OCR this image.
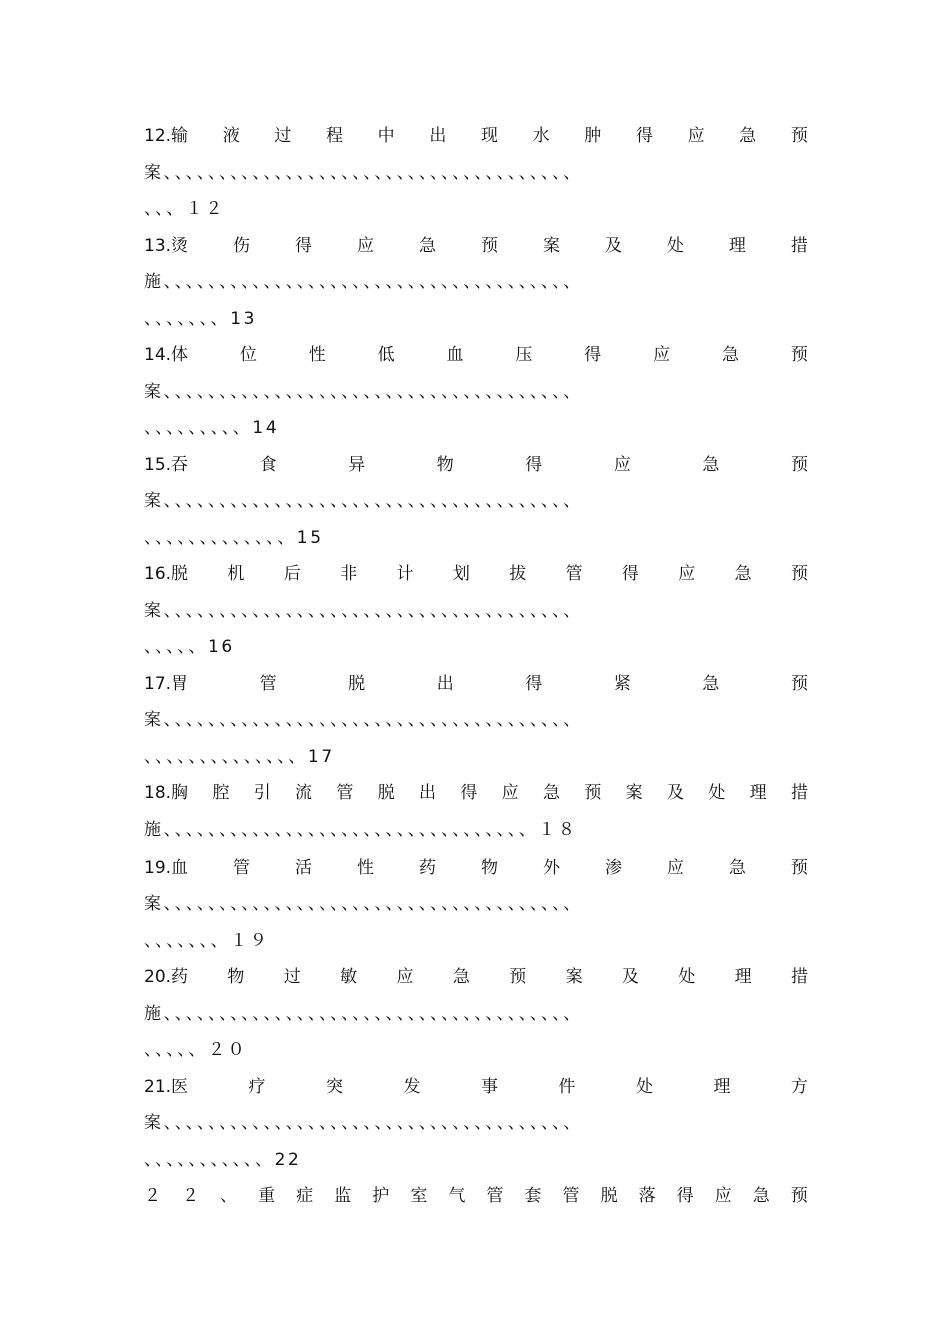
12.输 液 过 程 中 出 现 水 肿 得 应 急 预
案、、、、、、、、、、、、、、、、、、、、、、、、、、、、、、、、、、、、、
、、、１２
13.烫	伤	得	应	急	预	案	及	处	理	措
施、、、、、、、、、、、、、、、、、、、、、、、、、、、、、、、、、、、、、
、、、、、、、13
14.体	位	性	低	血	压	得	应	急	预
案、、、、、、、、、、、、、、、、、、、、、、、、、、、、、、、、、、、、、
、、、、、、、、、14
15.吞	食	异	物	得	应	急	预
案、、、、、、、、、、、、、、、、、、、、、、、、、、、、、、、、、、、、、
、、、、、、、、、、、、、15
16.脱 机 后 非 计 划 拔 管 得 应 急 预
案、、、、、、、、、、、、、、、、、、、、、、、、、、、、、、、、、、、、、
、、、、、16
17.胃	管	脱	出	得	紧	急	预
案、、、、、、、、、、、、、、、、、、、、、、、、、、、、、、、、、、、、、
、、、、、、、、、、、、、、17
18.胸 腔 引 流 管 脱 出 得 应 急 预 案 及 处 理 措
施、、、、、、、、、、、、、、、、、、、、、、、、、、、、、、、、、１８
19.血	管	活	性	药	物	外	渗	应	急	预
案、、、、、、、、、、、、、、、、、、、、、、、、、、、、、、、、、、、、、
、、、、、、、１９
20.药 物 过 敏 应 急 预 案 及 处 理 措
施、、、、、、、、、、、、、、、、、、、、、、、、、、、、、、、、、、、、、
、、、、、２０
21.医	疗	突	发	事	件	处	理	方
案、、、、、、、、、、、、、、、、、、、、、、、、、、、、、、、、、、、、、
、、、、、、、、、、、22
２ ２ 、 重 症 监 护 室 气 管 套 管 脱 落 得 应 急 预
